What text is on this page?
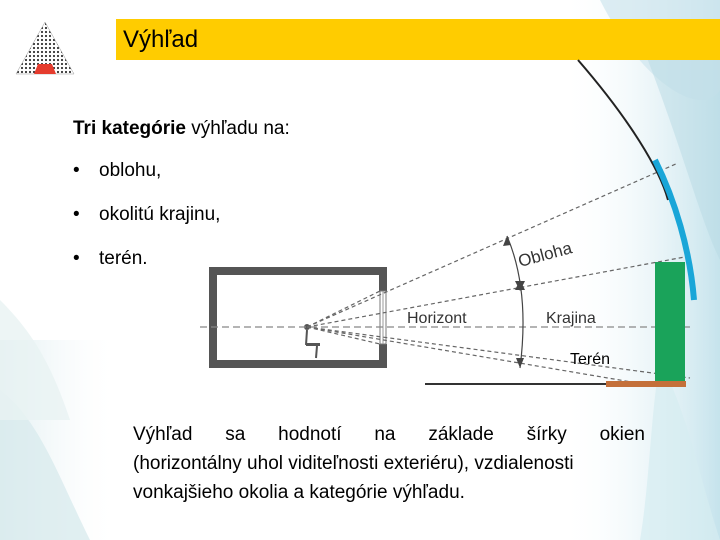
Výhľad
Tri kategórie výhľadu na:
• oblohu,
• okolitú krajinu,
• terén.	Obloha
Horizont	Krajina
Terén
Výhľad sa hodnotí na základe šírky okien
(horizontálny uhol viditeľnosti exteriéru), vzdialenosti
vonkajšieho okolia a kategórie výhľadu.
